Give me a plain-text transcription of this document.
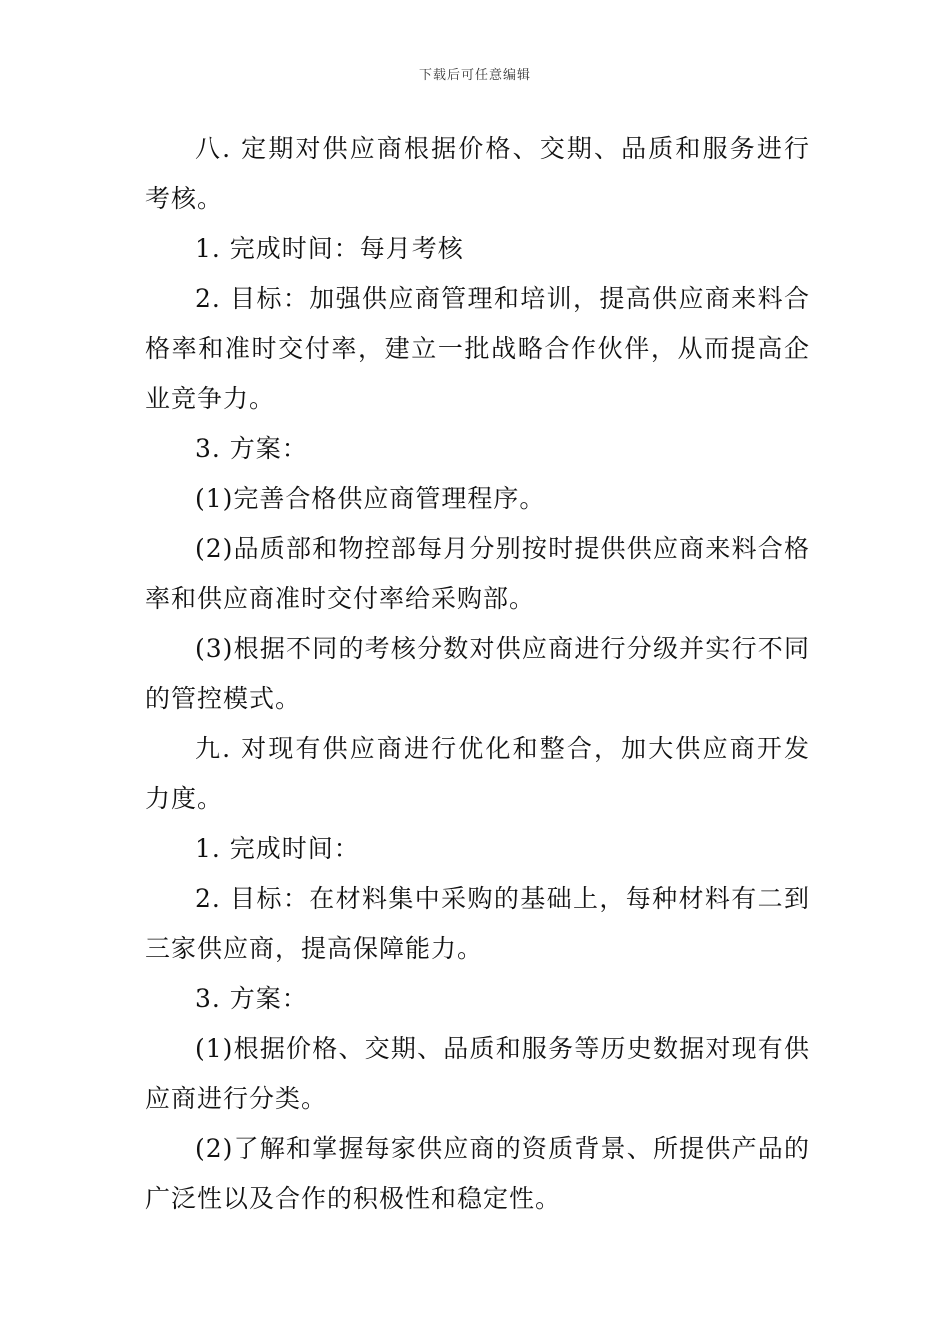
下载后可任意编辑

八. 定期对供应商根据价格、交期、品质和服务进行考核。

1. 完成时间：每月考核

2. 目标：加强供应商管理和培训，提高供应商来料合格率和准时交付率，建立一批战略合作伙伴，从而提高企业竞争力。

3. 方案：

(1)完善合格供应商管理程序。

(2)品质部和物控部每月分别按时提供供应商来料合格率和供应商准时交付率给采购部。

(3)根据不同的考核分数对供应商进行分级并实行不同的管控模式。

九. 对现有供应商进行优化和整合，加大供应商开发力度。

1. 完成时间：

2. 目标：在材料集中采购的基础上，每种材料有二到三家供应商，提高保障能力。

3. 方案：

(1)根据价格、交期、品质和服务等历史数据对现有供应商进行分类。

(2)了解和掌握每家供应商的资质背景、所提供产品的广泛性以及合作的积极性和稳定性。
